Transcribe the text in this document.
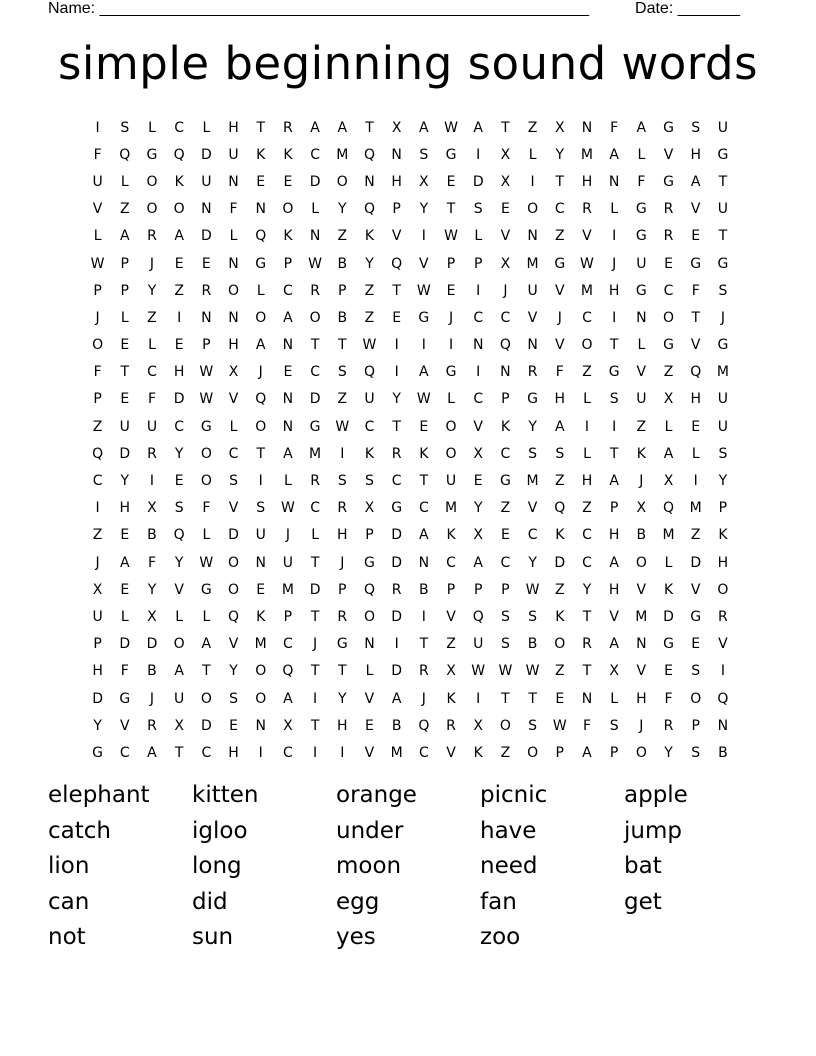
Name: _______________________________________________________	Date: _______
simple beginning sound words
I	S	L	C	L	H	T	R	A	A	T	X	A	W	A	T	Z	X	N	F	A	G	S	U
F	Q	G	Q	D	U	K	K	C	M	Q	N	S	G	I	X	L	Y	M	A	L	V	H	G
U	L	O	K	U	N	E	E	D	O	N	H	X	E	D	X	I	T	H	N	F	G	A	T
V	Z	O	O	N	F	N	O	L	Y	Q	P	Y	T	S	E	O	C	R	L	G	R	V	U
L	A	R	A	D	L	Q	K	N	Z	K	V	I	W	L	V	N	Z	V	I	G	R	E	T
W	P	J	E	E	N	G	P	W	B	Y	Q	V	P	P	X	M	G	W	J	U	E	G	G
P	P	Y	Z	R	O	L	C	R	P	Z	T	W	E	I	J	U	V	M	H	G	C	F	S
J	L	Z	I	N	N	O	A	O	B	Z	E	G	J	C	C	V	J	C	I	N	O	T	J
O	E	L	E	P	H	A	N	T	T	W	I	I	I	N	Q	N	V	O	T	L	G	V	G
F	T	C	H	W	X	J	E	C	S	Q	I	A	G	I	N	R	F	Z	G	V	Z	Q	M
P	E	F	D	W	V	Q	N	D	Z	U	Y	W	L	C	P	G	H	L	S	U	X	H	U
Z	U	U	C	G	L	O	N	G	W	C	T	E	O	V	K	Y	A	I	I	Z	L	E	U
Q	D	R	Y	O	C	T	A	M	I	K	R	K	O	X	C	S	S	L	T	K	A	L	S
C	Y	I	E	O	S	I	L	R	S	S	C	T	U	E	G	M	Z	H	A	J	X	I	Y
I	H	X	S	F	V	S	W	C	R	X	G	C	M	Y	Z	V	Q	Z	P	X	Q	M	P
Z	E	B	Q	L	D	U	J	L	H	P	D	A	K	X	E	C	K	C	H	B	M	Z	K
J	A	F	Y	W	O	N	U	T	J	G	D	N	C	A	C	Y	D	C	A	O	L	D	H
X	E	Y	V	G	O	E	M	D	P	Q	R	B	P	P	P	W	Z	Y	H	V	K	V	O
U	L	X	L	L	Q	K	P	T	R	O	D	I	V	Q	S	S	K	T	V	M	D	G	R
P	D	D	O	A	V	M	C	J	G	N	I	T	Z	U	S	B	O	R	A	N	G	E	V
H	F	B	A	T	Y	O	Q	T	T	L	D	R	X	W W W	Z	T	X	V	E	S	I
D	G	J	U	O	S	O	A	I	Y	V	A	J	K	I	T	T	E	N	L	H	F	O	Q
Y	V	R	X	D	E	N	X	T	H	E	B	Q	R	X	O	S	W	F	S	J	R	P	N
G	C	A	T	C	H	I	C	I	I	V	M	C	V	K	Z	O	P	A	P	O	Y	S	B
elephant	kitten	orange	picnic	apple
catch	igloo	under	have	jump
lion	long	moon	need	bat
can	did	egg	fan	get
not	sun	yes	zoo
